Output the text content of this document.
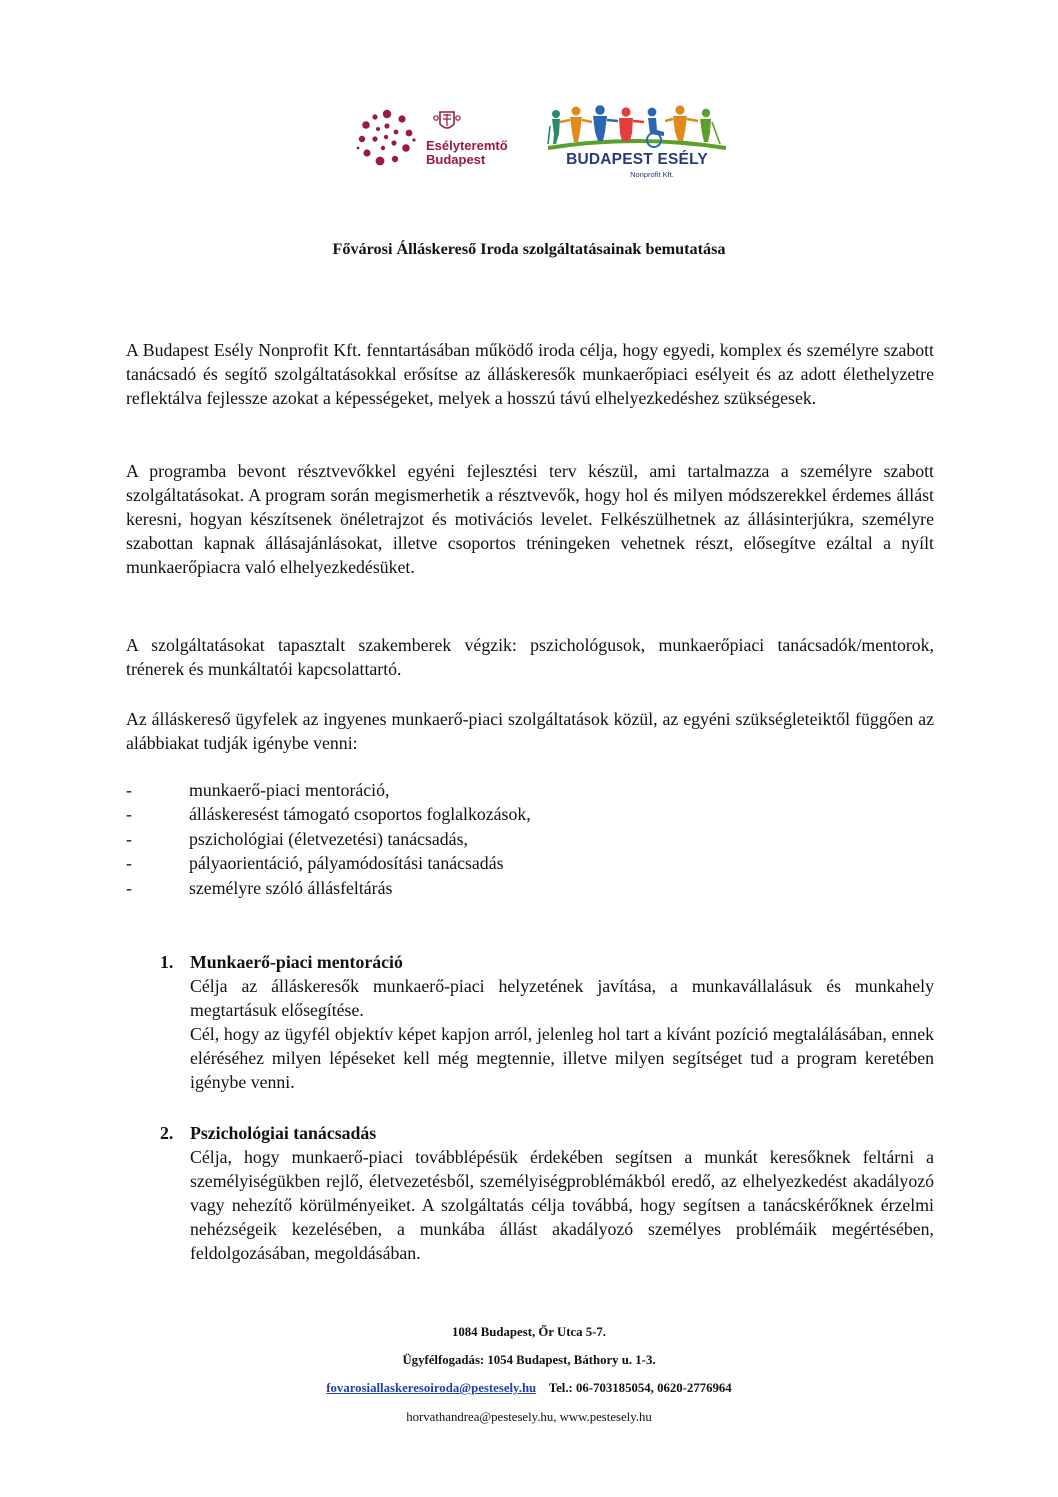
Esélyteremtő
Budapest	BUDAPEST ESÉLY
Nonprofit Kft.
Fővárosi Álláskereső Iroda szolgáltatásainak bemutatása
A Budapest Esély Nonprofit Kft. fenntartásában működő iroda célja, hogy egyedi, komplex és személyre szabott tanácsadó és segítő szolgáltatásokkal erősítse az álláskeresők munkaerőpiaci esélyeit és az adott élethelyzetre reflektálva fejlessze azokat a képességeket, melyek a hosszú távú elhelyezkedéshez szükségesek.
A programba bevont résztvevőkkel egyéni fejlesztési terv készül, ami tartalmazza a személyre szabott szolgáltatásokat. A program során megismerhetik a résztvevők, hogy hol és milyen módszerekkel érdemes állást keresni, hogyan készítsenek önéletrajzot és motivációs levelet. Felkészülhetnek az állásinterjúkra, személyre szabottan kapnak állásajánlásokat, illetve csoportos tréningeken vehetnek részt, elősegítve ezáltal a nyílt munkaerőpiacra való elhelyezkedésüket.
A szolgáltatásokat tapasztalt szakemberek végzik: pszichológusok, munkaerőpiaci tanácsadók/mentorok, trénerek és munkáltatói kapcsolattartó.
Az álláskereső ügyfelek az ingyenes munkaerő-piaci szolgáltatások közül, az egyéni szükségleteiktől függően az alábbiakat tudják igénybe venni:
-	munkaerő-piaci mentoráció,
-	álláskeresést támogató csoportos foglalkozások,
-	pszichológiai (életvezetési) tanácsadás,
-	pályaorientáció, pályamódosítási tanácsadás
-	személyre szóló állásfeltárás
1. Munkaerő-piaci mentoráció
Célja az álláskeresők munkaerő-piaci helyzetének javítása, a munkavállalásuk és munkahely megtartásuk elősegítése.
Cél, hogy az ügyfél objektív képet kapjon arról, jelenleg hol tart a kívánt pozíció megtalálásában, ennek eléréséhez milyen lépéseket kell még megtennie, illetve milyen segítséget tud a program keretében igénybe venni.
2. Pszichológiai tanácsadás
Célja, hogy munkaerő-piaci továbblépésük érdekében segítsen a munkát keresőknek feltárni a személyiségükben rejlő, életvezetésből, személyiségproblémákból eredő, az elhelyezkedést akadályozó vagy nehezítő körülményeiket. A szolgáltatás célja továbbá, hogy segítsen a tanácskérőknek érzelmi nehézségeik kezelésében, a munkába állást akadályozó személyes problémáik megértésében, feldolgozásában, megoldásában.
1084 Budapest, Őr Utca 5-7.
Ügyfélfogadás: 1054 Budapest, Báthory u. 1-3.
fovarosiallaskeresoiroda@pestesely.hu Tel.: 06-703185054, 0620-2776964
horvathandrea@pestesely.hu, www.pestesely.hu
